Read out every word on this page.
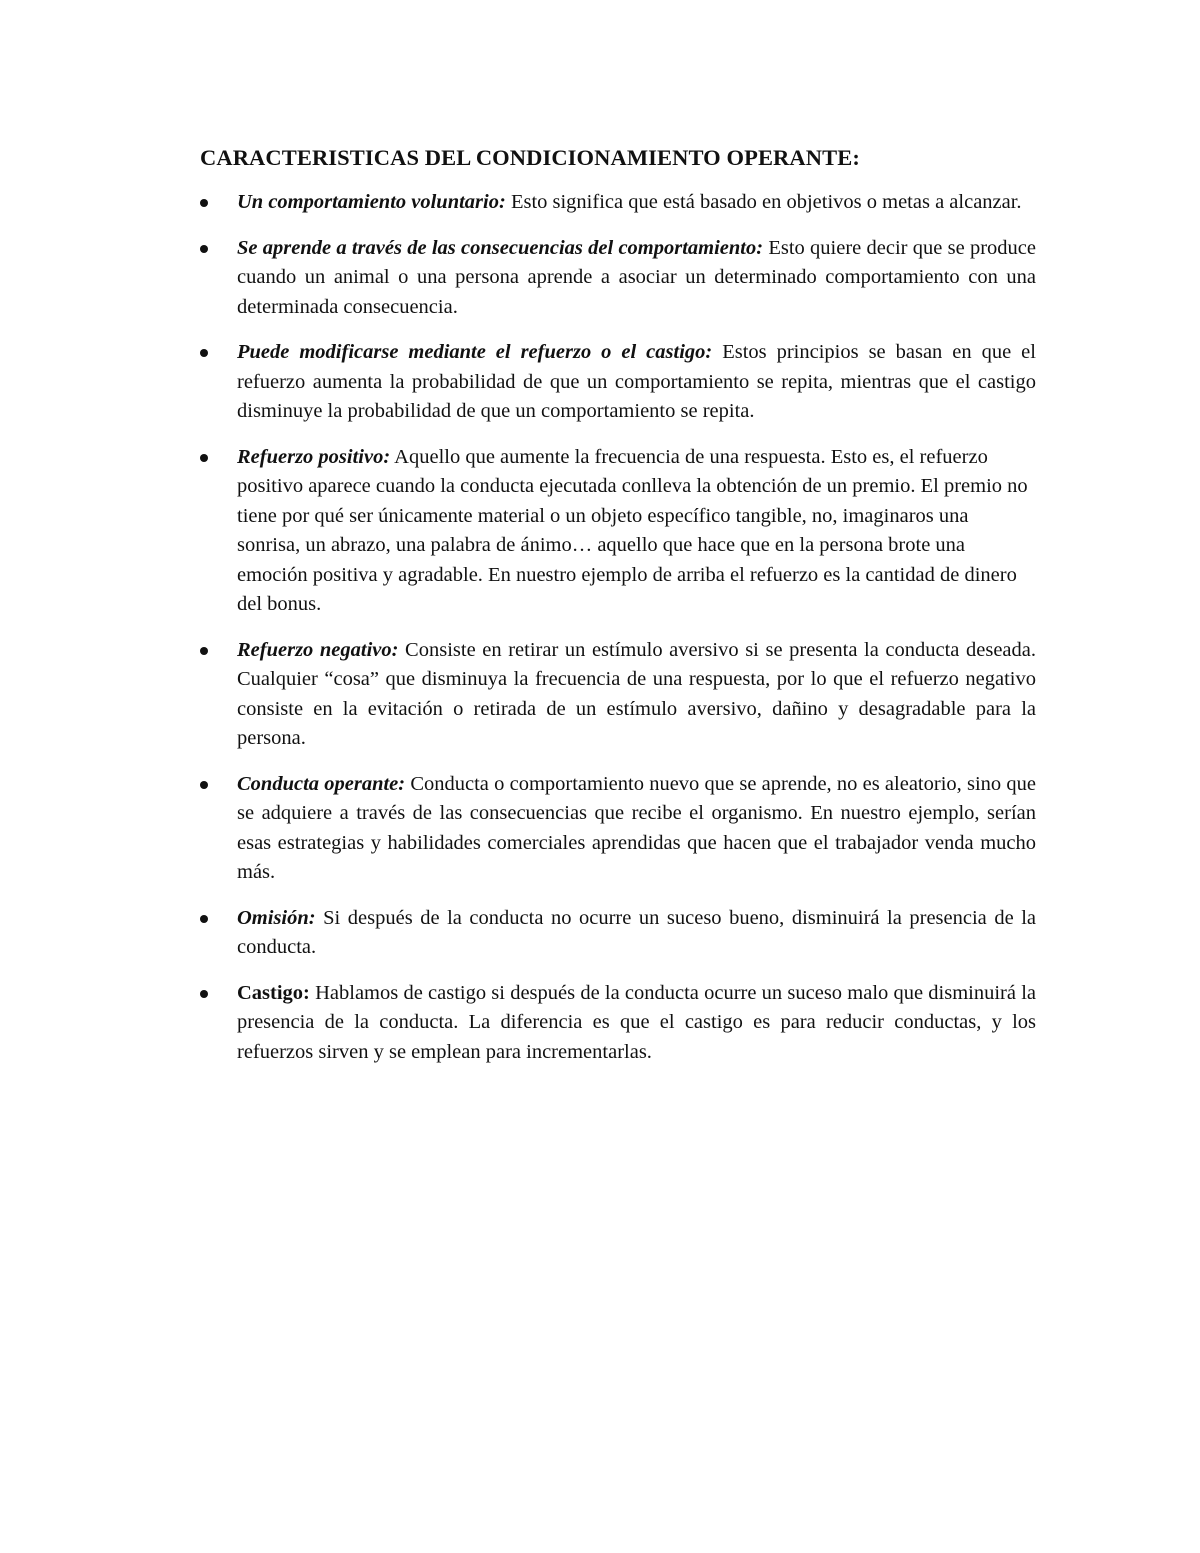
CARACTERISTICAS DEL CONDICIONAMIENTO OPERANTE:
Un comportamiento voluntario: Esto significa que está basado en objetivos o metas a alcanzar.
Se aprende a través de las consecuencias del comportamiento: Esto quiere decir que se produce cuando un animal o una persona aprende a asociar un determinado comportamiento con una determinada consecuencia.
Puede modificarse mediante el refuerzo o el castigo: Estos principios se basan en que el refuerzo aumenta la probabilidad de que un comportamiento se repita, mientras que el castigo disminuye la probabilidad de que un comportamiento se repita.
Refuerzo positivo: Aquello que aumente la frecuencia de una respuesta. Esto es, el refuerzo positivo aparece cuando la conducta ejecutada conlleva la obtención de un premio. El premio no tiene por qué ser únicamente material o un objeto específico tangible, no, imaginaros una sonrisa, un abrazo, una palabra de ánimo… aquello que hace que en la persona brote una emoción positiva y agradable. En nuestro ejemplo de arriba el refuerzo es la cantidad de dinero del bonus.
Refuerzo negativo: Consiste en retirar un estímulo aversivo si se presenta la conducta deseada. Cualquier “cosa” que disminuya la frecuencia de una respuesta, por lo que el refuerzo negativo consiste en la evitación o retirada de un estímulo aversivo, dañino y desagradable para la persona.
Conducta operante: Conducta o comportamiento nuevo que se aprende, no es aleatorio, sino que se adquiere a través de las consecuencias que recibe el organismo. En nuestro ejemplo, serían esas estrategias y habilidades comerciales aprendidas que hacen que el trabajador venda mucho más.
Omisión: Si después de la conducta no ocurre un suceso bueno, disminuirá la presencia de la conducta.
Castigo: Hablamos de castigo si después de la conducta ocurre un suceso malo que disminuirá la presencia de la conducta. La diferencia es que el castigo es para reducir conductas, y los refuerzos sirven y se emplean para incrementarlas.
